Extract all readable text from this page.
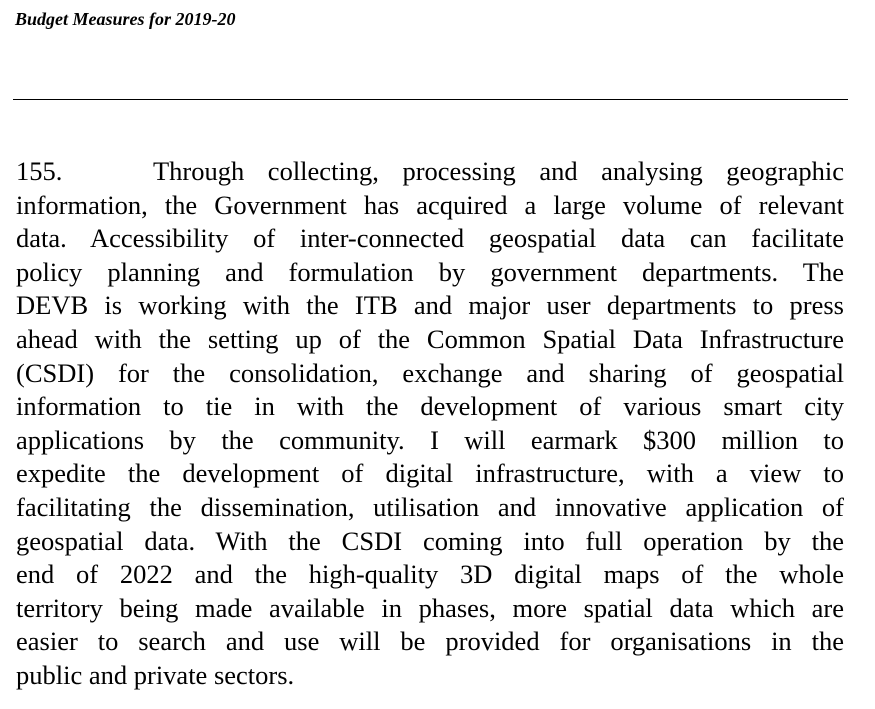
Budget Measures for 2019-20
155.	Through collecting, processing and analysing geographic
information, the Government has acquired a large volume of relevant
data. Accessibility of inter-connected geospatial data can facilitate
policy planning and formulation by government departments. The
DEVB is working with the ITB and major user departments to press
ahead with the setting up of the Common Spatial Data Infrastructure
(CSDI) for the consolidation, exchange and sharing of geospatial
information to tie in with the development of various smart city
applications by the community. I will earmark $300 million to
expedite the development of digital infrastructure, with a view to
facilitating the dissemination, utilisation and innovative application of
geospatial data. With the CSDI coming into full operation by the
end of 2022 and the high-quality 3D digital maps of the whole
territory being made available in phases, more spatial data which are
easier to search and use will be provided for organisations in the
public and private sectors.
